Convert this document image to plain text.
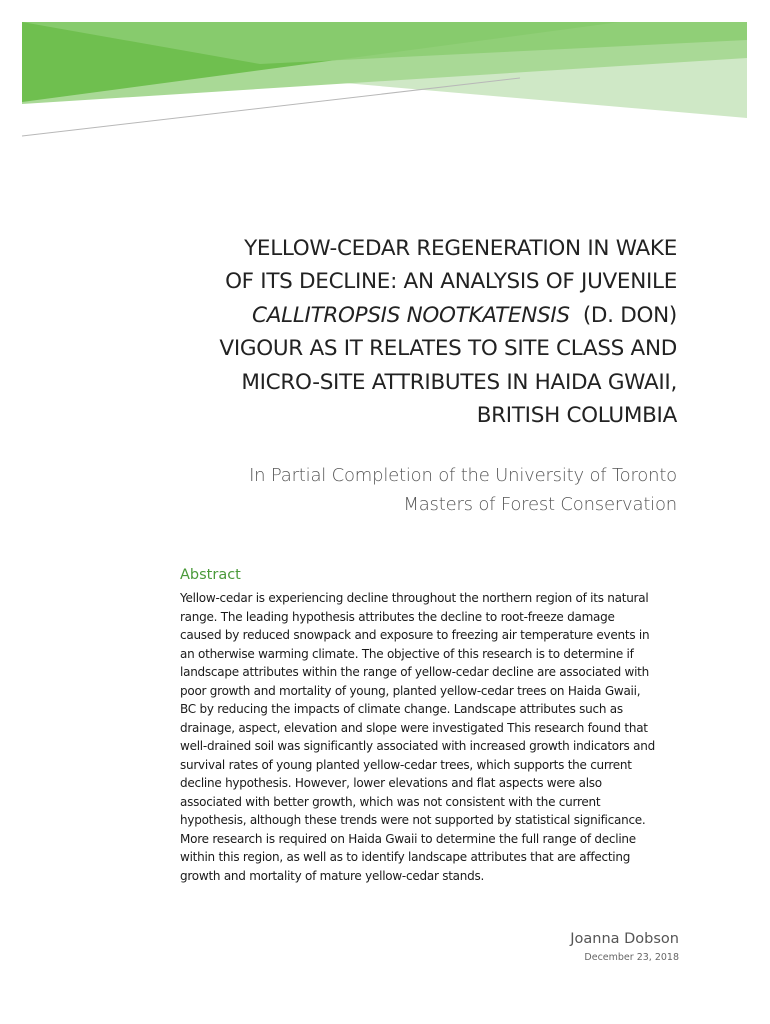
YELLOW-CEDAR REGENERATION IN WAKE
OF ITS DECLINE: AN ANALYSIS OF JUVENILE
CALLITROPSIS NOOTKATENSIS (D. DON)
VIGOUR AS IT RELATES TO SITE CLASS AND
MICRO-SITE ATTRIBUTES IN HAIDA GWAII,
BRITISH COLUMBIA
In Partial Completion of the University of Toronto
Masters of Forest Conservation
Abstract
Yellow-cedar is experiencing decline throughout the northern region of its natural
range. The leading hypothesis attributes the decline to root-freeze damage
caused by reduced snowpack and exposure to freezing air temperature events in
an otherwise warming climate. The objective of this research is to determine if
landscape attributes within the range of yellow-cedar decline are associated with
poor growth and mortality of young, planted yellow-cedar trees on Haida Gwaii,
BC by reducing the impacts of climate change. Landscape attributes such as
drainage, aspect, elevation and slope were investigated This research found that
well-drained soil was significantly associated with increased growth indicators and
survival rates of young planted yellow-cedar trees, which supports the current
decline hypothesis. However, lower elevations and flat aspects were also
associated with better growth, which was not consistent with the current
hypothesis, although these trends were not supported by statistical significance.
More research is required on Haida Gwaii to determine the full range of decline
within this region, as well as to identify landscape attributes that are affecting
growth and mortality of mature yellow-cedar stands.
Joanna Dobson
December 23, 2018
